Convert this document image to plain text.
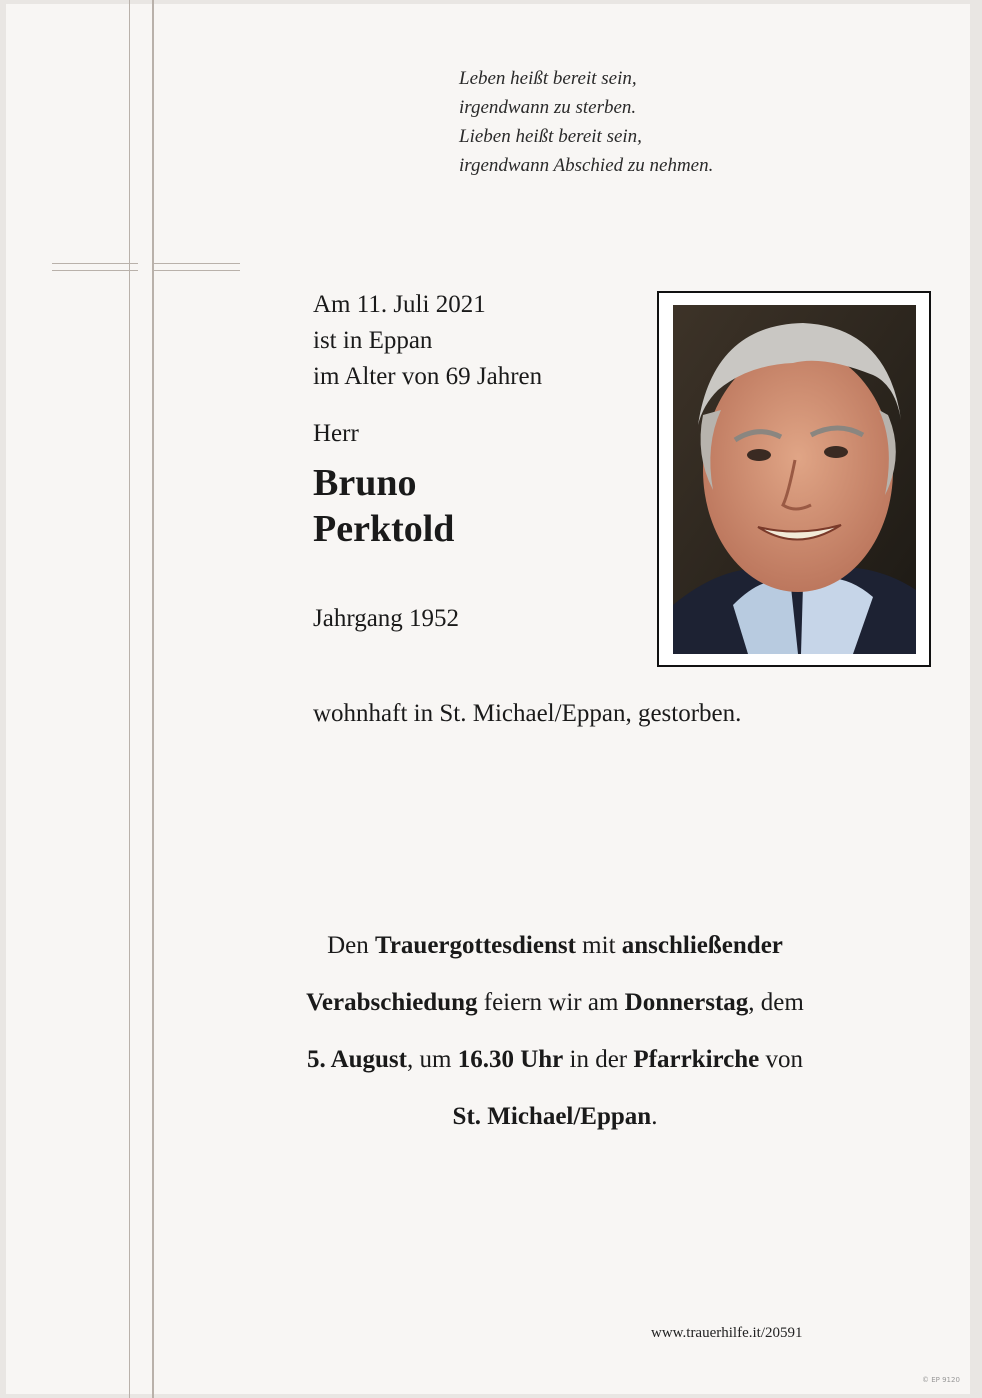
Leben heißt bereit sein,
irgendwann zu sterben.
Lieben heißt bereit sein,
irgendwann Abschied zu nehmen.
Am 11. Juli 2021
ist in Eppan
im Alter von 69 Jahren
Herr
Bruno
Perktold
Jahrgang 1952
wohnhaft in St. Michael/Eppan, gestorben.
Den Trauergottesdienst mit anschließender
Verabschiedung feiern wir am Donnerstag, dem
5. August, um 16.30 Uhr in der Pfarrkirche von
St. Michael/Eppan.
www.trauerhilfe.it/20591
© EP 9120
